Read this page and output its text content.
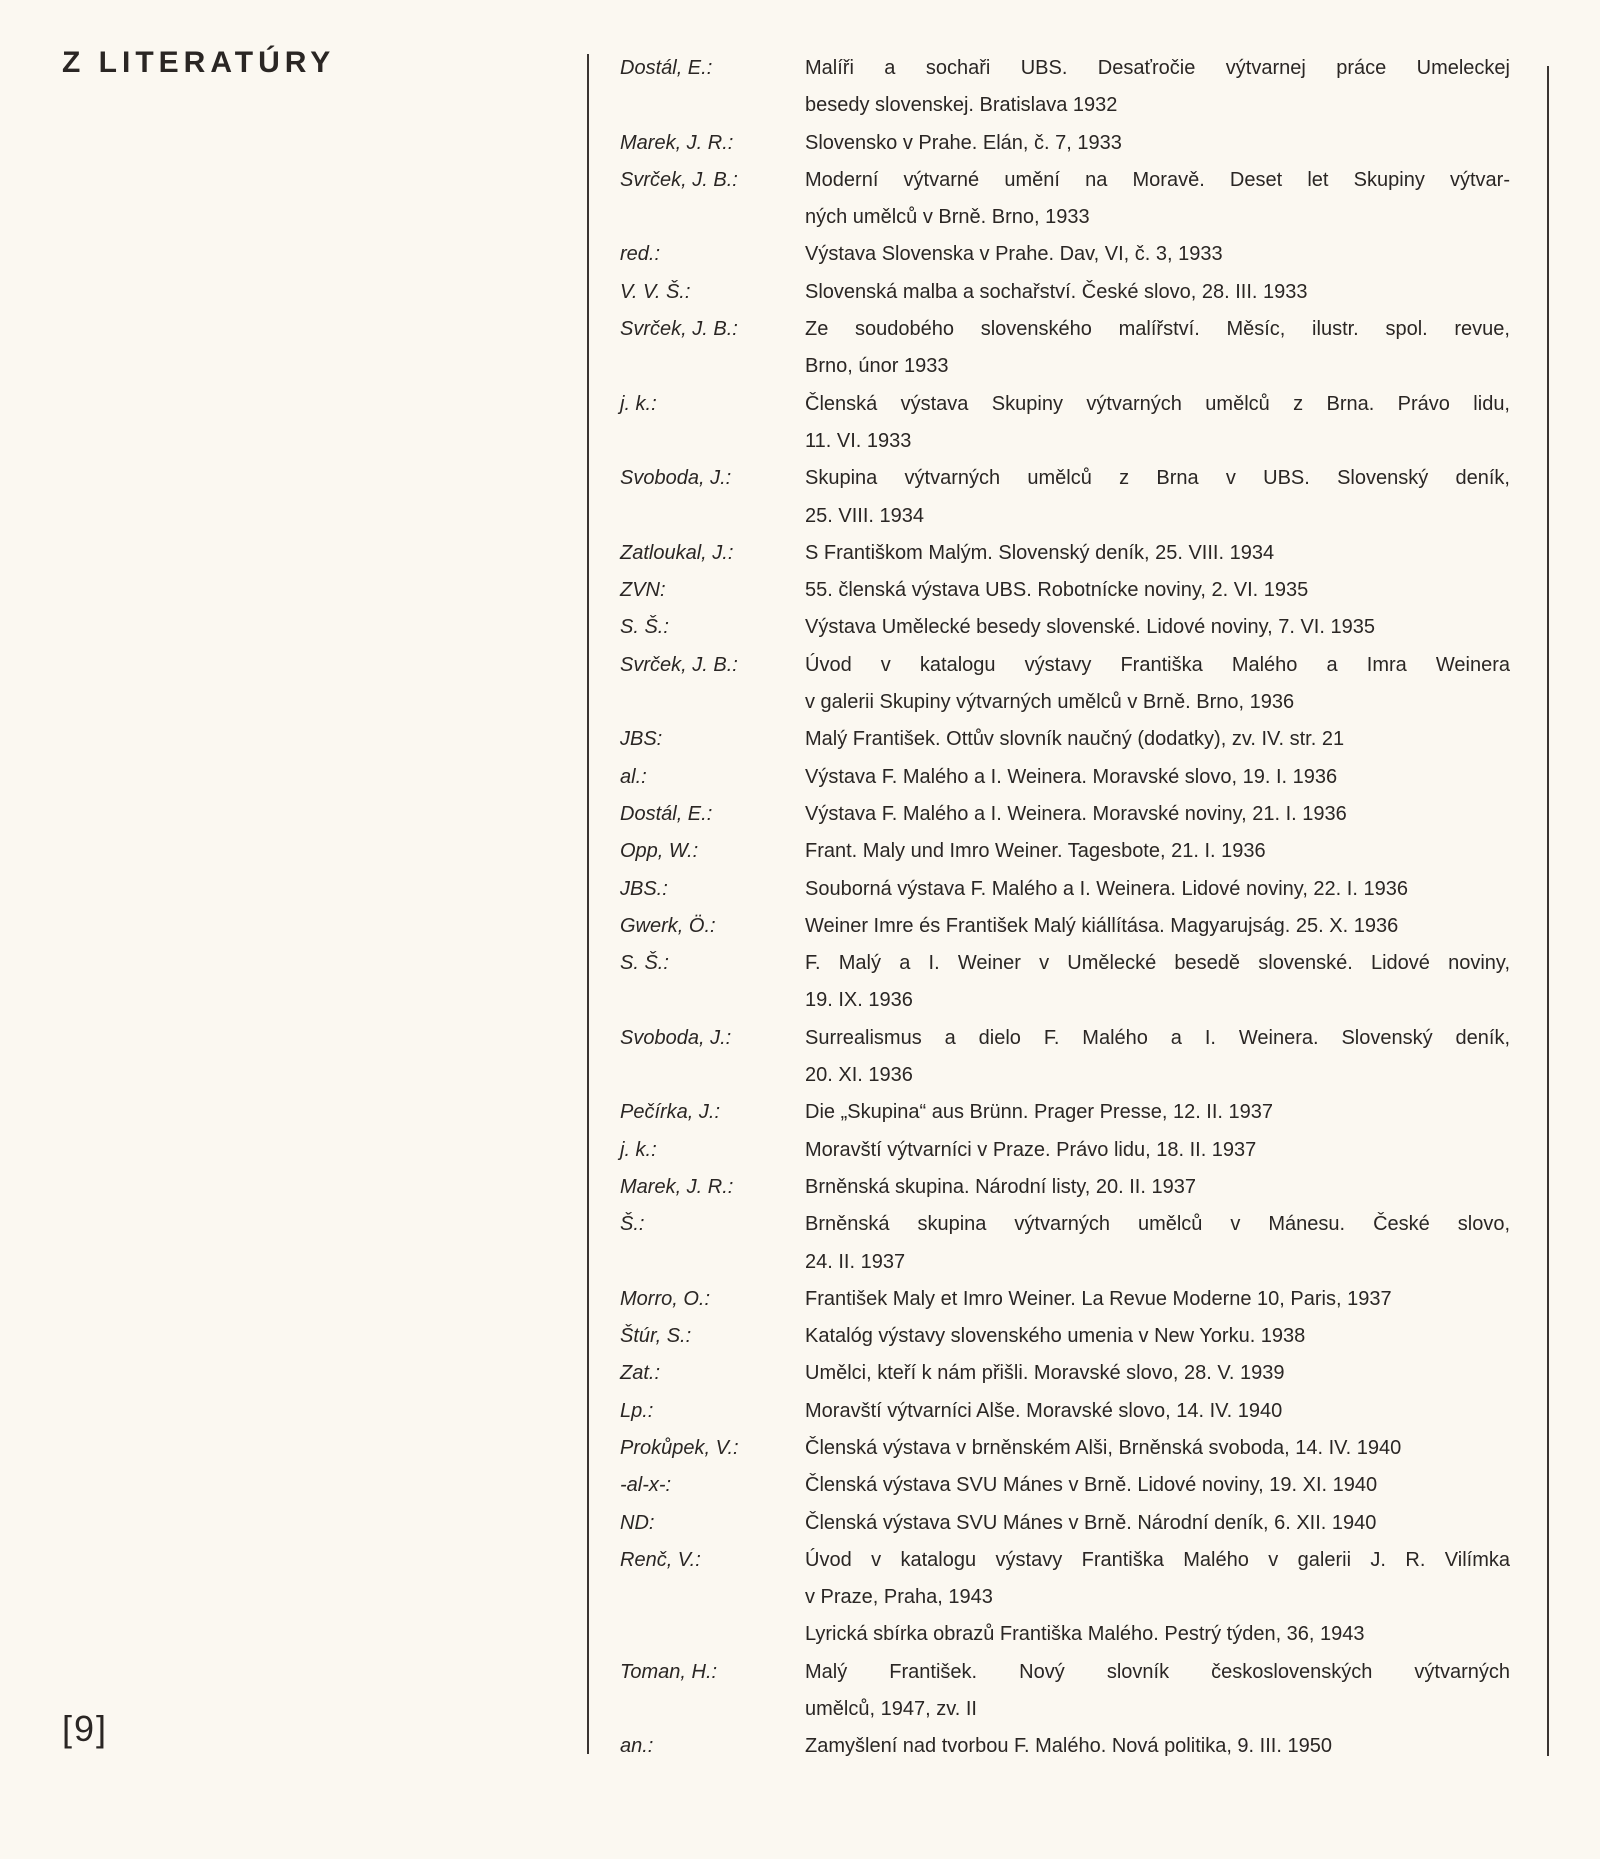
Z LITERATÚRY
[9]
Dostál, E.:	Malíři a sochaři UBS. Desaťročie výtvarnej práce Umeleckej
besedy slovenskej. Bratislava 1932
Marek, J. R.:	Slovensko v Prahe. Elán, č. 7, 1933
Svrček, J. B.:	Moderní výtvarné umění na Moravě. Deset let Skupiny výtvar-
ných umělců v Brně. Brno, 1933
red.:	Výstava Slovenska v Prahe. Dav, VI, č. 3, 1933
V. V. Š.:	Slovenská malba a sochařství. České slovo, 28. III. 1933
Svrček, J. B.:	Ze soudobého slovenského malířství. Měsíc, ilustr. spol. revue,
Brno, únor 1933
j. k.:	Členská výstava Skupiny výtvarných umělců z Brna. Právo lidu,
11. VI. 1933
Svoboda, J.:	Skupina výtvarných umělců z Brna v UBS. Slovenský deník,
25. VIII. 1934
Zatloukal, J.:	S Františkom Malým. Slovenský deník, 25. VIII. 1934
ZVN:	55. členská výstava UBS. Robotnícke noviny, 2. VI. 1935
S. Š.:	Výstava Umělecké besedy slovenské. Lidové noviny, 7. VI. 1935
Svrček, J. B.:	Úvod v katalogu výstavy Františka Malého a Imra Weinera
v galerii Skupiny výtvarných umělců v Brně. Brno, 1936
JBS:	Malý František. Ottův slovník naučný (dodatky), zv. IV. str. 21
al.:	Výstava F. Malého a I. Weinera. Moravské slovo, 19. I. 1936
Dostál, E.:	Výstava F. Malého a I. Weinera. Moravské noviny, 21. I. 1936
Opp, W.:	Frant. Maly und Imro Weiner. Tagesbote, 21. I. 1936
JBS.:	Souborná výstava F. Malého a I. Weinera. Lidové noviny, 22. I. 1936
Gwerk, Ö.:	Weiner Imre és František Malý kiállítása. Magyarujság. 25. X. 1936
S. Š.:	F. Malý a I. Weiner v Umělecké besedě slovenské. Lidové noviny,
19. IX. 1936
Svoboda, J.:	Surrealismus a dielo F. Malého a I. Weinera. Slovenský deník,
20. XI. 1936
Pečírka, J.:	Die „Skupina“ aus Brünn. Prager Presse, 12. II. 1937
j. k.:	Moravští výtvarníci v Praze. Právo lidu, 18. II. 1937
Marek, J. R.:	Brněnská skupina. Národní listy, 20. II. 1937
Š.:	Brněnská skupina výtvarných umělců v Mánesu. České slovo,
24. II. 1937
Morro, O.:	František Maly et Imro Weiner. La Revue Moderne 10, Paris, 1937
Štúr, S.:	Katalóg výstavy slovenského umenia v New Yorku. 1938
Zat.:	Umělci, kteří k nám přišli. Moravské slovo, 28. V. 1939
Lp.:	Moravští výtvarníci Alše. Moravské slovo, 14. IV. 1940
Prokůpek, V.:	Členská výstava v brněnském Alši, Brněnská svoboda, 14. IV. 1940
-al-x-:	Členská výstava SVU Mánes v Brně. Lidové noviny, 19. XI. 1940
ND:	Členská výstava SVU Mánes v Brně. Národní deník, 6. XII. 1940
Renč, V.:	Úvod v katalogu výstavy Františka Malého v galerii J. R. Vilímka
v Praze, Praha, 1943
Lyrická sbírka obrazů Františka Malého. Pestrý týden, 36, 1943
Toman, H.:	Malý František. Nový slovník československých výtvarných
umělců, 1947, zv. II
an.:	Zamyšlení nad tvorbou F. Malého. Nová politika, 9. III. 1950
